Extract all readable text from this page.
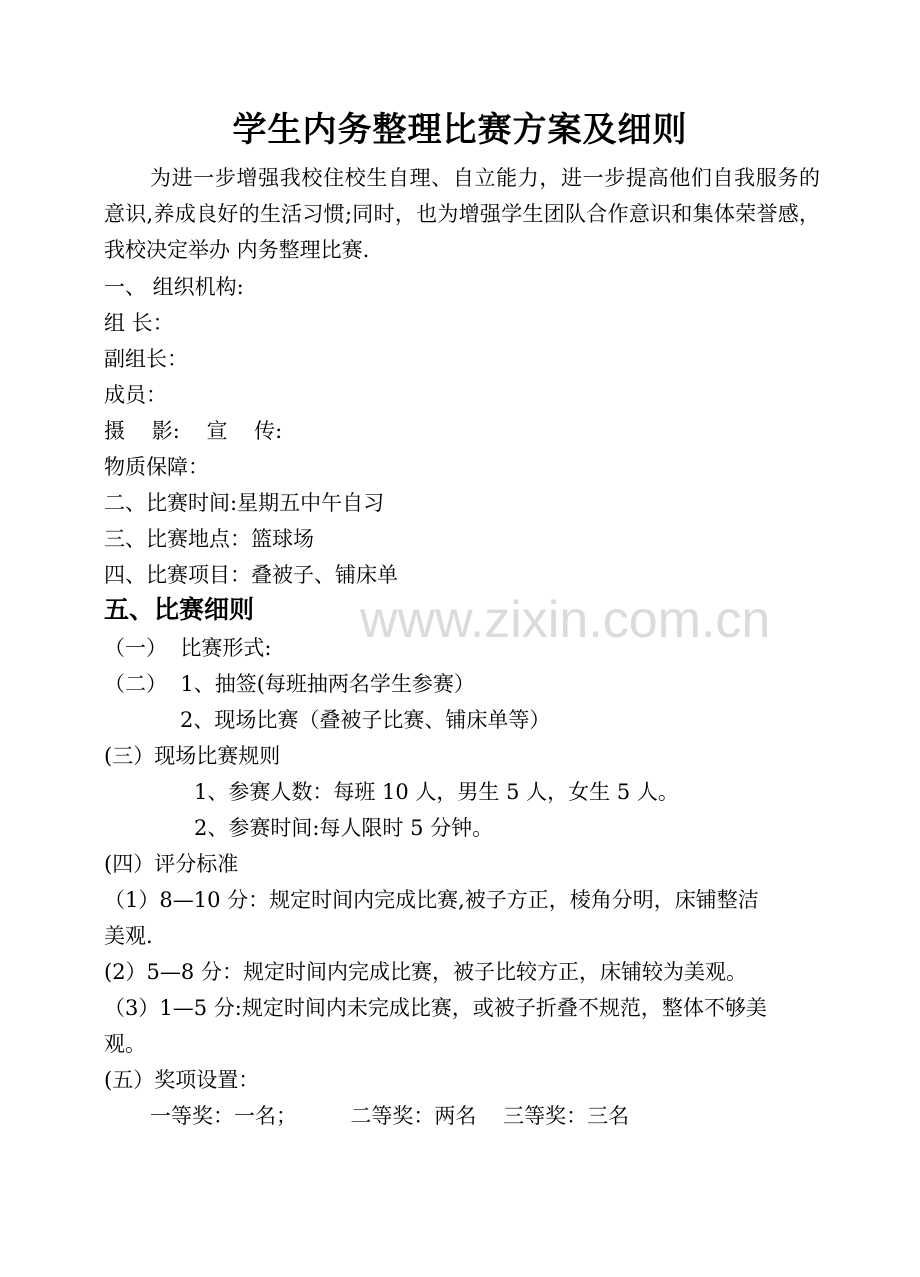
学生内务整理比赛方案及细则
为进一步增强我校住校生自理、自立能力，进一步提高他们自我服务的意识,养成良好的生活习惯;同时，也为增强学生团队合作意识和集体荣誉感，我校决定举办 内务整理比赛.
一、 组织机构:
组 长：
副组长：
成员：
摄    影:    宣    传:
物质保障：
二、比赛时间:星期五中午自习
三、比赛地点：篮球场
四、比赛项目：叠被子、铺床单
五、比赛细则
（一）  比赛形式:
（二）  1、抽签(每班抽两名学生参赛）
2、现场比赛（叠被子比赛、铺床单等）
(三）现场比赛规则
1、参赛人数：每班 10 人，男生 5 人，女生 5 人。
2、参赛时间:每人限时 5 分钟。
(四）评分标准
（1）8—10 分：规定时间内完成比赛,被子方正，棱角分明，床铺整洁
美观.
(2）5—8 分：规定时间内完成比赛，被子比较方正，床铺较为美观。
（3）1—5 分:规定时间内未完成比赛，或被子折叠不规范，整体不够美
观。
(五）奖项设置：
一等奖：一名；        二等奖：两名    三等奖：三名
www.zixin.com.cn
